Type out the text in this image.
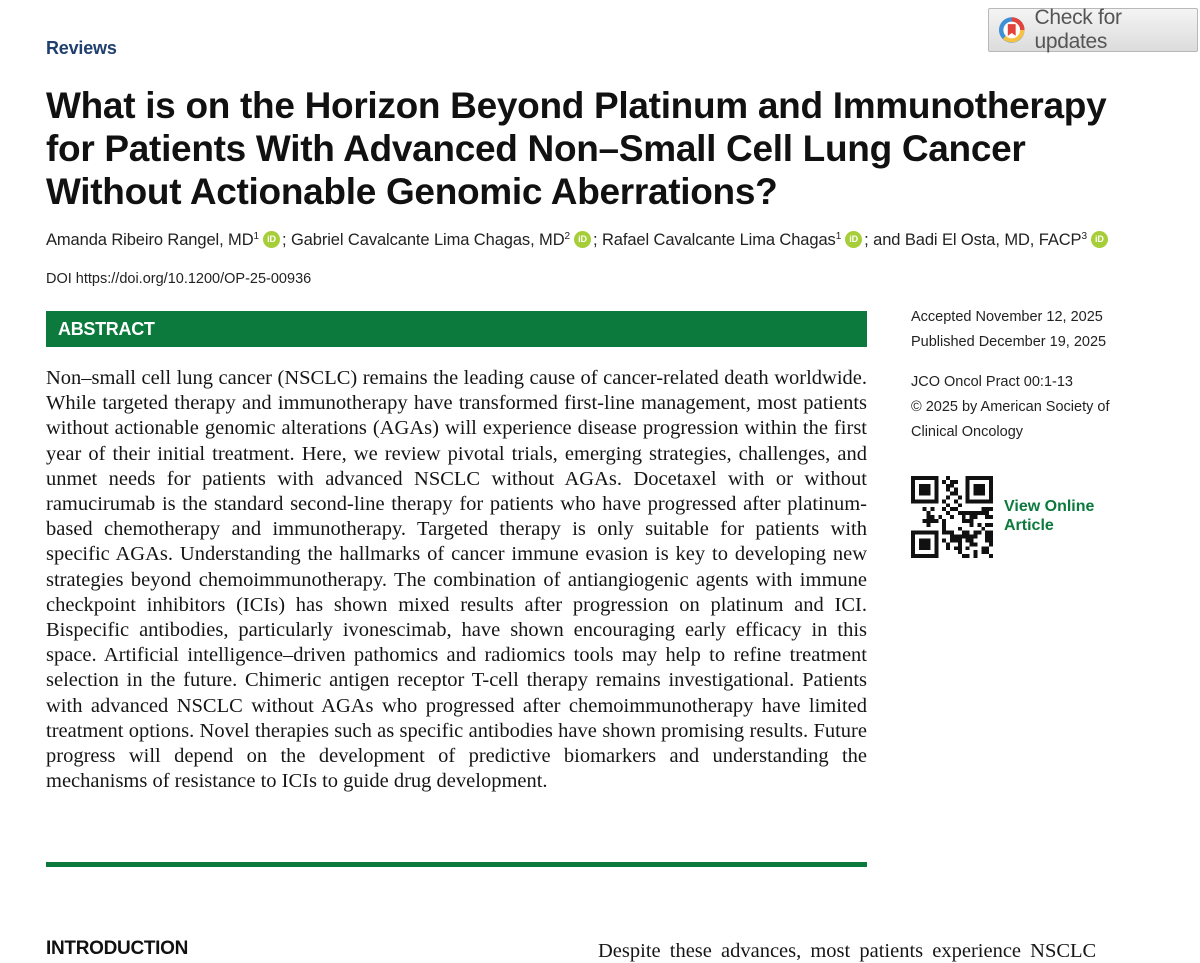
Reviews
Check for updates
What is on the Horizon Beyond Platinum and Immunotherapy
for Patients With Advanced Non–Small Cell Lung Cancer
Without Actionable Genomic Aberrations?
Amanda Ribeiro Rangel, $MD^1iD$ ; Gabriel Cavalcante Lima Chagas, $MD^2iD$ ; Rafael Cavalcante Lima Chagas$^1$iD ; and Badi El Osta, MD, FACP$^3$iD
DOI https://doi.org/10.1200/OP-25-00936
ABSTRACT

Non–small cell lung cancer (NSCLC) remains the leading cause of cancer-related death worldwide. While targeted therapy and immunotherapy have transformed first-line management, most patients without actionable genomic alterations (AGAs) will experience disease progression within the first year of their initial treatment. Here, we review pivotal trials, emerging strategies, challenges, and unmet needs for patients with advanced NSCLC without AGAs. Docetaxel with or without ramucirumab is the standard second-line therapy for patients who have progressed after platinum-based chemotherapy and immunotherapy. Targeted therapy is only suitable for patients with specific AGAs. Understanding the hallmarks of cancer immune evasion is key to developing new strategies beyond chemoimmunotherapy. The combination of antiangiogenic agents with immune checkpoint inhibitors (ICIs) has shown mixed results after progression on platinum and ICI. Bispecific antibodies, particularly ivonescimab, have shown encouraging early efficacy in this space. Artificial intelligence–driven pathomics and radiomics tools may help to refine treatment selection in the future. Chimeric antigen receptor T-cell therapy remains investigational. Patients with advanced NSCLC without AGAs who progressed after chemoimmunotherapy have limited treatment options. Novel therapies such as specific antibodies have shown promising results. Future progress will depend on the development of predictive biomarkers and understanding the mechanisms of resistance to ICIs to guide drug development.

Accepted November 12, 2025
Published December 19, 2025
JCO Oncol Pract 00:1-13
© 2025 by American Society of
Clinical Oncology
View Online
Article
INTRODUCTION	Despite these advances, most patients experience NSCLC
